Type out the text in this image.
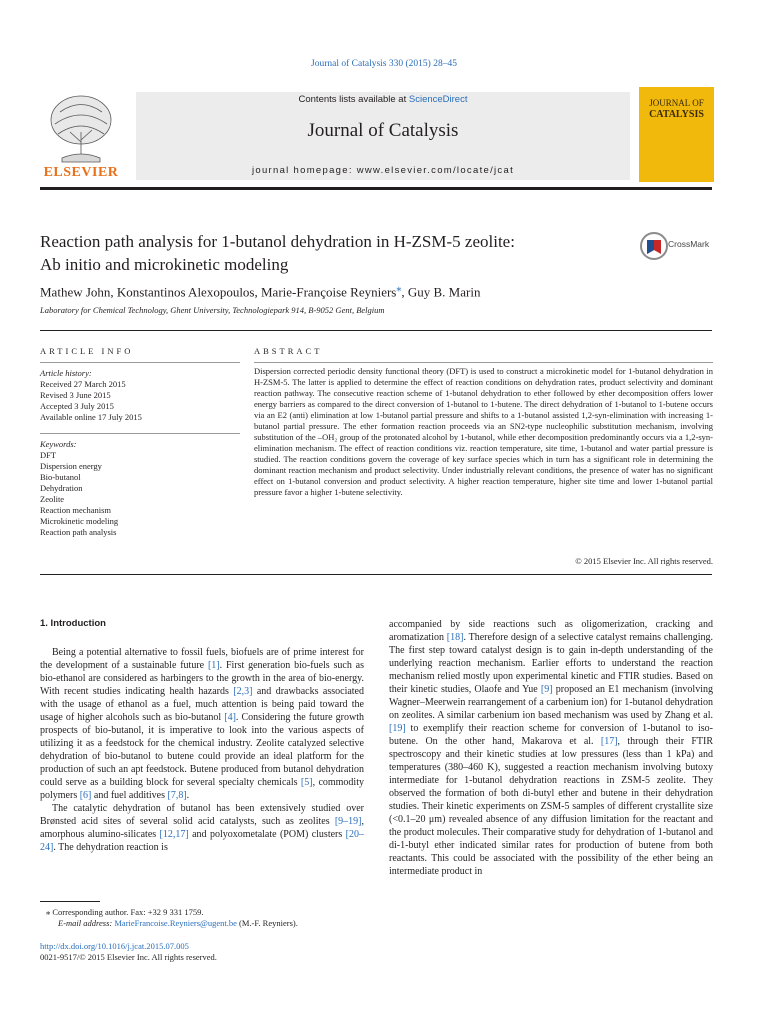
Journal of Catalysis 330 (2015) 28–45
ELSEVIER
Contents lists available at ScienceDirect
Journal of Catalysis
journal homepage: www.elsevier.com/locate/jcat
JOURNAL OF
CATALYSIS
Reaction path analysis for 1-butanol dehydration in H-ZSM-5 zeolite:
Ab initio and microkinetic modeling
CrossMark
Mathew John, Konstantinos Alexopoulos, Marie-Françoise Reyniers⁎, Guy B. Marin
Laboratory for Chemical Technology, Ghent University, Technologiepark 914, B-9052 Gent, Belgium
ARTICLE INFO
Article history:
Received 27 March 2015
Revised 3 June 2015
Accepted 3 July 2015
Available online 17 July 2015
Keywords:
DFT
Dispersion energy
Bio-butanol
Dehydration
Zeolite
Reaction mechanism
Microkinetic modeling
Reaction path analysis
ABSTRACT
Dispersion corrected periodic density functional theory (DFT) is used to construct a microkinetic model for 1-butanol dehydration in H-ZSM-5. The latter is applied to determine the effect of reaction conditions on dehydration rates, product selectivity and dominant reaction pathway. The consecutive reaction scheme of 1-butanol dehydration to ether followed by ether decomposition offers lower energy barriers as compared to the direct conversion of 1-butanol to 1-butene. The direct dehydration of 1-butanol to 1-butene occurs via an E2 (anti) elimination at low 1-butanol partial pressure and shifts to a 1-butanol assisted 1,2-syn-elimination with increasing 1-butanol partial pressure. The ether formation reaction proceeds via an SN2-type nucleophilic substitution mechanism, involving substitution of the –OH₂ group of the protonated alcohol by 1-butanol, while ether decomposition predominantly occurs via a 1,2-syn-elimination mechanism. The effect of reaction conditions viz. reaction temperature, site time, 1-butanol and water partial pressure is studied. The reaction conditions govern the coverage of key surface species which in turn has a significant role in determining the dominant reaction mechanism and product selectivity. Under industrially relevant conditions, the presence of water has no significant effect on 1-butanol conversion and product selectivity. A higher reaction temperature, higher site time and lower 1-butanol partial pressure favor a higher 1-butene selectivity.
© 2015 Elsevier Inc. All rights reserved.
1. Introduction

Being a potential alternative to fossil fuels, biofuels are of prime interest for the development of a sustainable future [1]. First generation bio-fuels such as bio-ethanol are considered as harbingers to the growth in the area of bio-energy. With recent studies indicating health hazards [2,3] and drawbacks associated with the usage of ethanol as a fuel, much attention is being paid toward the usage of higher alcohols such as bio-butanol [4]. Considering the future growth prospects of bio-butanol, it is imperative to look into the various aspects of utilizing it as a feedstock for the chemical industry. Zeolite catalyzed selective dehydration of bio-butanol to butene could provide an ideal platform for the production of such an apt feedstock. Butene produced from butanol dehydration could serve as a building block for several specialty chemicals [5], commodity polymers [6] and fuel additives [7,8].

The catalytic dehydration of butanol has been extensively studied over Brønsted acid sites of several solid acid catalysts, such as zeolites [9–19], amorphous alumino-silicates [12,17] and polyoxometalate (POM) clusters [20–24]. The dehydration reaction is

accompanied by side reactions such as oligomerization, cracking and aromatization [18]. Therefore design of a selective catalyst remains challenging. The first step toward catalyst design is to gain in-depth understanding of the underlying reaction mechanism. Earlier efforts to understand the reaction mechanism relied mostly upon experimental kinetic and FTIR studies. Based on their kinetic studies, Olaofe and Yue [9] proposed an E1 mechanism (involving Wagner–Meerwein rearrangement of a carbenium ion) for 1-butanol dehydration on zeolites. A similar carbenium ion based mechanism was used by Zhang et al. [19] to exemplify their reaction scheme for conversion of 1-butanol to iso-butene. On the other hand, Makarova et al. [17], through their FTIR spectroscopy and their kinetic studies at low pressures (less than 1 kPa) and temperatures (380–460 K), suggested a reaction mechanism involving butoxy intermediate for 1-butanol dehydration reactions in ZSM-5 zeolite. They observed the formation of both di-butyl ether and butene in their dehydration studies. Their kinetic experiments on ZSM-5 samples of different crystallite size (<0.1–20 μm) revealed absence of any diffusion limitation for the reactant and the product molecules. Their comparative study for dehydration of 1-butanol and di-1-butyl ether indicated similar rates for production of butene from both reactants. This could be associated with the possibility of the ether being an intermediate product in

⁎ Corresponding author. Fax: +32 9 331 1759.
E-mail address: MarieFrancoise.Reyniers@ugent.be (M.-F. Reyniers).
http://dx.doi.org/10.1016/j.jcat.2015.07.005
0021-9517/© 2015 Elsevier Inc. All rights reserved.
